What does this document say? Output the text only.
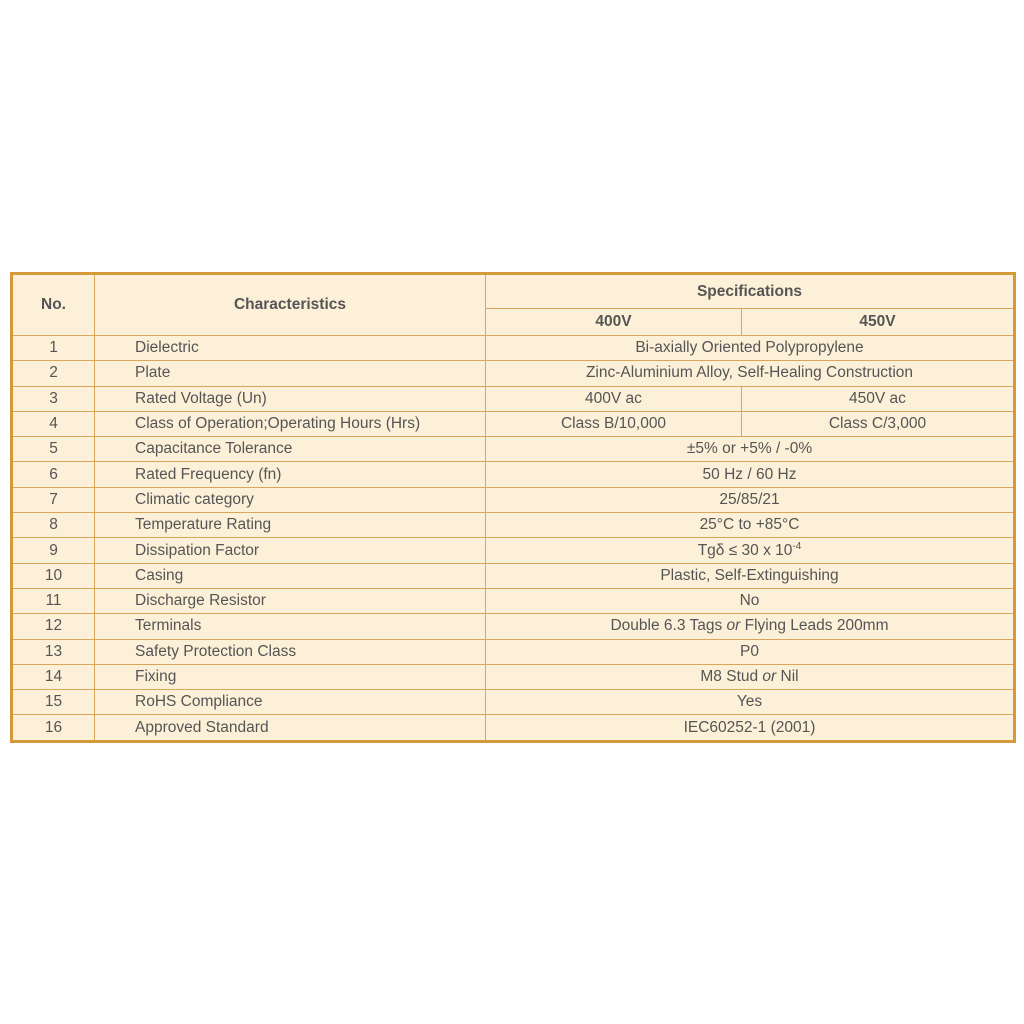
No.	Characteristics	Specifications	
		400V	450V
1	Dielectric	Bi-axially Oriented Polypropylene	
2	Plate	Zinc-Aluminium Alloy, Self-Healing Construction	
3	Rated Voltage (Un)	400V ac	450V ac
4	Class of Operation;Operating Hours (Hrs)	Class B/10,000	Class C/3,000
5	Capacitance Tolerance	±5% or +5% / -0%	
6	Rated Frequency (fn)	50 Hz / 60 Hz	
7	Climatic category	25/85/21	
8	Temperature Rating	25°C to +85°C	
9	Dissipation Factor	Tgδ ≤ 30 x $10^{-4}$
10	Casing	Plastic, Self-Extinguishing	
11	Discharge Resistor	No	
12	Terminals	Double 6.3 Tags or Flying Leads 200mm	
13	Safety Protection Class	P0	
14	Fixing	M8 Stud or Nil	
15	RoHS Compliance	Yes	
16	Approved Standard	IEC60252-1 (2001)	
